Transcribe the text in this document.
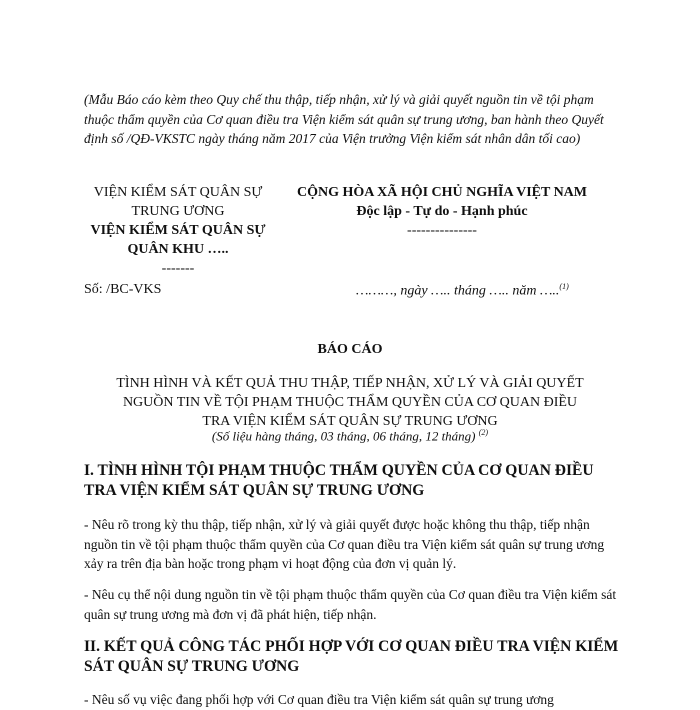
(Mẫu Báo cáo kèm theo Quy chế thu thập, tiếp nhận, xử lý và giải quyết nguồn tin về tội phạm thuộc thẩm quyền của Cơ quan điều tra Viện kiểm sát quân sự trung ương, ban hành theo Quyết định số /QĐ-VKSTC ngày tháng năm 2017 của Viện trưởng Viện kiểm sát nhân dân tối cao)
VIỆN KIỂM SÁT QUÂN SỰ TRUNG ƯƠNG
VIỆN KIỂM SÁT QUÂN SỰ QUÂN KHU …..
-------
CỘNG HÒA XÃ HỘI CHỦ NGHĨA VIỆT NAM
Độc lập - Tự do - Hạnh phúc
---------------
Số: /BC-VKS	………, ngày ….. tháng ….. năm …..$^{(1)}$
BÁO CÁO
TÌNH HÌNH VÀ KẾT QUẢ THU THẬP, TIẾP NHẬN, XỬ LÝ VÀ GIẢI QUYẾT NGUỒN TIN VỀ TỘI PHẠM THUỘC THẨM QUYỀN CỦA CƠ QUAN ĐIỀU TRA VIỆN KIỂM SÁT QUÂN SỰ TRUNG ƯƠNG
(Số liệu hàng tháng, 03 tháng, 06 tháng, 12 tháng) $^{(2)}$
I. TÌNH HÌNH TỘI PHẠM THUỘC THẨM QUYỀN CỦA CƠ QUAN ĐIỀU TRA VIỆN KIỂM SÁT QUÂN SỰ TRUNG ƯƠNG
- Nêu rõ trong kỳ thu thập, tiếp nhận, xử lý và giải quyết được hoặc không thu thập, tiếp nhận nguồn tin về tội phạm thuộc thẩm quyền của Cơ quan điều tra Viện kiểm sát quân sự trung ương xảy ra trên địa bàn hoặc trong phạm vi hoạt động của đơn vị quản lý.
- Nêu cụ thể nội dung nguồn tin về tội phạm thuộc thẩm quyền của Cơ quan điều tra Viện kiểm sát quân sự trung ương mà đơn vị đã phát hiện, tiếp nhận.
II. KẾT QUẢ CÔNG TÁC PHỐI HỢP VỚI CƠ QUAN ĐIỀU TRA VIỆN KIỂM SÁT QUÂN SỰ TRUNG ƯƠNG
- Nêu số vụ việc đang phối hợp với Cơ quan điều tra Viện kiểm sát quân sự trung ương
